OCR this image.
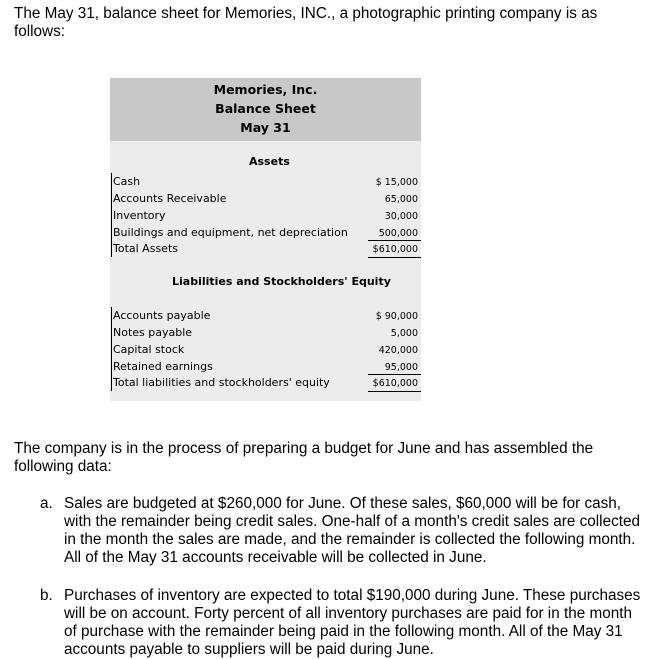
The May 31, balance sheet for Memories, INC., a photographic printing company is as follows:
Memories, Inc.
Balance Sheet
May 31
Assets
Cash	$ 15,000
Accounts Receivable	65,000
Inventory	30,000
Buildings and equipment, net depreciation	500,000
Total Assets	$610,000
Liabilities and Stockholders' Equity
Accounts payable	$ 90,000
Notes payable	5,000
Capital stock	420,000
Retained earnings	95,000
Total liabilities and stockholders' equity	$610,000
The company is in the process of preparing a budget for June and has assembled the following data:
a. Sales are budgeted at $260,000 for June. Of these sales, $60,000 will be for cash, with the remainder being credit sales. One-half of a month's credit sales are collected in the month the sales are made, and the remainder is collected the following month. All of the May 31 accounts receivable will be collected in June.
b. Purchases of inventory are expected to total $190,000 during June. These purchases will be on account. Forty percent of all inventory purchases are paid for in the month of purchase with the remainder being paid in the following month. All of the May 31 accounts payable to suppliers will be paid during June.
